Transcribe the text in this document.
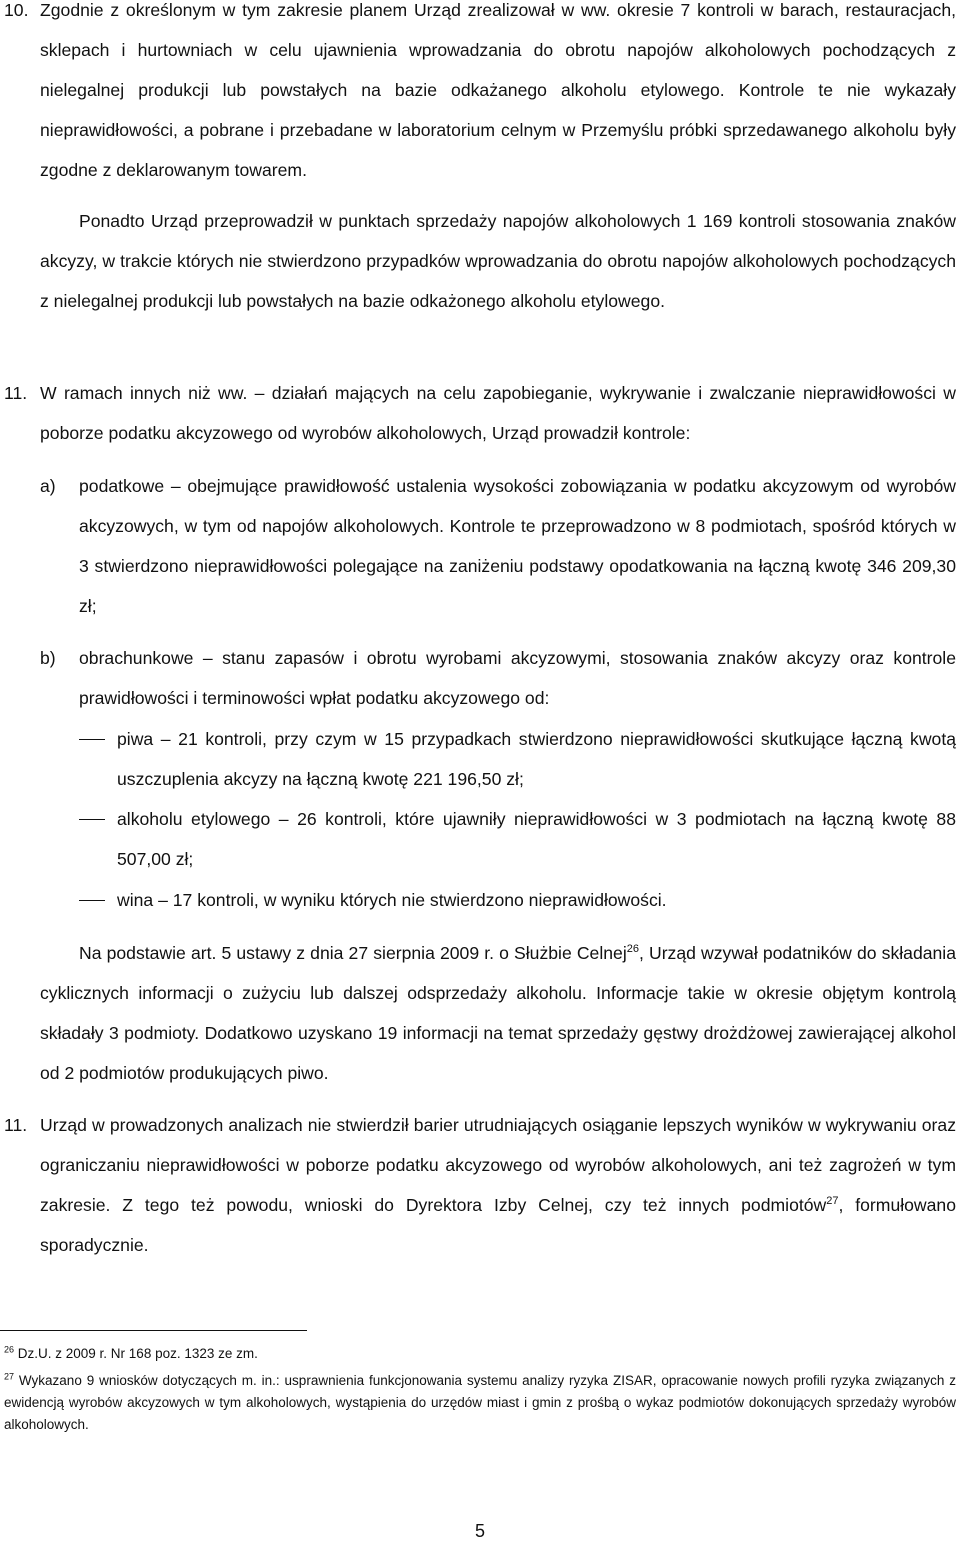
10. Zgodnie z określonym w tym zakresie planem Urząd zrealizował w ww. okresie 7 kontroli w barach, restauracjach, sklepach i hurtowniach w celu ujawnienia wprowadzania do obrotu napojów alkoholowych pochodzących z nielegalnej produkcji lub powstałych na bazie odkażanego alkoholu etylowego. Kontrole te nie wykazały nieprawidłowości, a pobrane i przebadane w laboratorium celnym w Przemyślu próbki sprzedawanego alkoholu były zgodne z deklarowanym towarem.

Ponadto Urząd przeprowadził w punktach sprzedaży napojów alkoholowych 1 169 kontroli stosowania znaków akcyzy, w trakcie których nie stwierdzono przypadków wprowadzania do obrotu napojów alkoholowych pochodzących z nielegalnej produkcji lub powstałych na bazie odkażonego alkoholu etylowego.

11. W ramach innych niż ww. – działań mających na celu zapobieganie, wykrywanie i zwalczanie nieprawidłowości w poborze podatku akcyzowego od wyrobów alkoholowych, Urząd prowadził kontrole:

a) podatkowe – obejmujące prawidłowość ustalenia wysokości zobowiązania w podatku akcyzowym od wyrobów akcyzowych, w tym od napojów alkoholowych. Kontrole te przeprowadzono w 8 podmiotach, spośród których w 3 stwierdzono nieprawidłowości polegające na zaniżeniu podstawy opodatkowania na łączną kwotę 346 209,30 zł;

b) obrachunkowe – stanu zapasów i obrotu wyrobami akcyzowymi, stosowania znaków akcyzy oraz kontrole prawidłowości i terminowości wpłat podatku akcyzowego od:

piwa – 21 kontroli, przy czym w 15 przypadkach stwierdzono nieprawidłowości skutkujące łączną kwotą uszczuplenia akcyzy na łączną kwotę 221 196,50 zł;

alkoholu etylowego – 26 kontroli, które ujawniły nieprawidłowości w 3 podmiotach na łączną kwotę 88 507,00 zł;

wina – 17 kontroli, w wyniku których nie stwierdzono nieprawidłowości.

Na podstawie art. 5 ustawy z dnia 27 sierpnia 2009 r. o Służbie Celnej$^{26}$, Urząd wzywał podatników do składania cyklicznych informacji o zużyciu lub dalszej odsprzedaży alkoholu. Informacje takie w okresie objętym kontrolą składały 3 podmioty. Dodatkowo uzyskano 19 informacji na temat sprzedaży gęstwy drożdżowej zawierającej alkohol od 2 podmiotów produkujących piwo.

11. Urząd w prowadzonych analizach nie stwierdził barier utrudniających osiąganie lepszych wyników w wykrywaniu oraz ograniczaniu nieprawidłowości w poborze podatku akcyzowego od wyrobów alkoholowych, ani też zagrożeń w tym zakresie. Z tego też powodu, wnioski do Dyrektora Izby Celnej, czy też innych podmiotów$^{27}$, formułowano sporadycznie.

$^{26}$ Dz.U. z 2009 r. Nr 168 poz. 1323 ze zm.

$^{27}$ Wykazano 9 wniosków dotyczących m. in.: usprawnienia funkcjonowania systemu analizy ryzyka ZISAR, opracowanie nowych profili ryzyka związanych z ewidencją wyrobów akcyzowych w tym alkoholowych, wystąpienia do urzędów miast i gmin z prośbą o wykaz podmiotów dokonujących sprzedaży wyrobów alkoholowych.

5
